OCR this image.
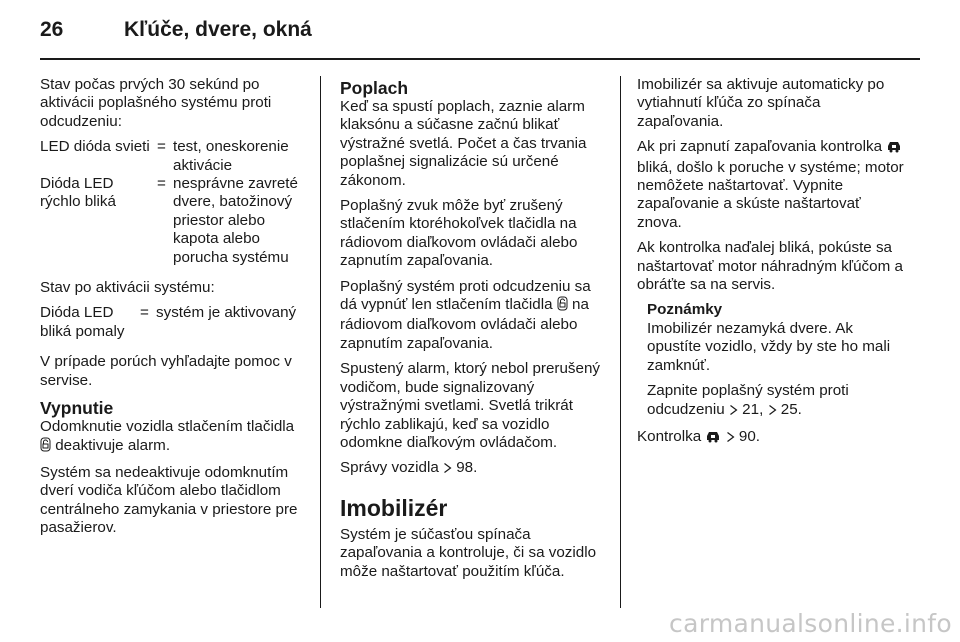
26	Kľúče, dvere, okná

Stav počas prvých 30 sekúnd po aktivácii poplašného systému proti odcudzeniu:

LED dióda svieti = test, oneskorenie aktivácie
Dióda LED rýchlo bliká
= nesprávne zavreté dvere, batožinový priestor alebo kapota alebo porucha systému

Stav po aktivácii systému:

Dióda LED bliká pomaly
= systém je aktivovaný

V prípade porúch vyhľadajte pomoc v servise.

Vypnutie

Odomknutie vozidla stlačením tlačidla  deaktivuje alarm.

Systém sa nedeaktivuje odomknutím dverí vodiča kľúčom alebo tlačidlom centrálneho zamykania v priestore pre pasažierov.

Poplach

Keď sa spustí poplach, zaznie alarm klaksónu a súčasne začnú blikať výstražné svetlá. Počet a čas trvania poplašnej signalizácie sú určené zákonom.

Poplašný zvuk môže byť zrušený stlačením ktoréhokoľvek tlačidla na rádiovom diaľkovom ovládači alebo zapnutím zapaľovania.

Poplašný systém proti odcudzeniu sa dá vypnúť len stlačením tlačidla na rádiovom diaľkovom ovládači alebo zapnutím zapaľovania.

Spustený alarm, ktorý nebol prerušený vodičom, bude signalizovaný výstražnými svetlami. Svetlá trikrát rýchlo zablikajú, keď sa vozidlo odomkne diaľkovým ovládačom.

Správy vozidla 98.

Imobilizér

Systém je súčasťou spínača zapaľovania a kontroluje, či sa vozidlo môže naštartovať použitím kľúča.

Imobilizér sa aktivuje automaticky po vytiahnutí kľúča zo spínača zapaľovania.

Ak pri zapnutí zapaľovania kontrolka  bliká, došlo k poruche v systéme; motor nemôžete naštartovať. Vypnite zapaľovanie a skúste naštartovať znova.

Ak kontrolka naďalej bliká, pokúste sa naštartovať motor náhradným kľúčom a obráťte sa na servis.

Poznámky

Imobilizér nezamyká dvere. Ak opustíte vozidlo, vždy by ste ho mali zamknúť.

Zapnite poplašný systém proti odcudzeniu 21, 25.

Kontrolka 90.

carmanualsonline.info
